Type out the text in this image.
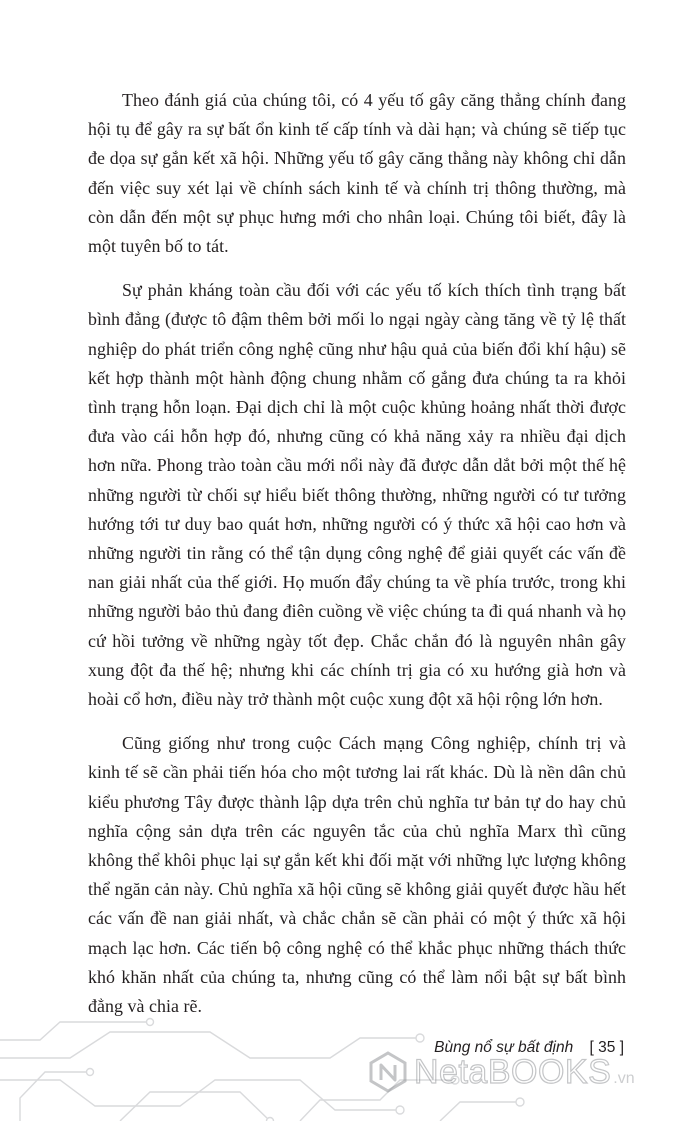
Theo đánh giá của chúng tôi, có 4 yếu tố gây căng thẳng chính đang hội tụ để gây ra sự bất ổn kinh tế cấp tính và dài hạn; và chúng sẽ tiếp tục đe dọa sự gắn kết xã hội. Những yếu tố gây căng thẳng này không chỉ dẫn đến việc suy xét lại về chính sách kinh tế và chính trị thông thường, mà còn dẫn đến một sự phục hưng mới cho nhân loại. Chúng tôi biết, đây là một tuyên bố to tát.

Sự phản kháng toàn cầu đối với các yếu tố kích thích tình trạng bất bình đẳng (được tô đậm thêm bởi mối lo ngại ngày càng tăng về tỷ lệ thất nghiệp do phát triển công nghệ cũng như hậu quả của biến đổi khí hậu) sẽ kết hợp thành một hành động chung nhằm cố gắng đưa chúng ta ra khỏi tình trạng hỗn loạn. Đại dịch chỉ là một cuộc khủng hoảng nhất thời được đưa vào cái hỗn hợp đó, nhưng cũng có khả năng xảy ra nhiều đại dịch hơn nữa. Phong trào toàn cầu mới nổi này đã được dẫn dắt bởi một thế hệ những người từ chối sự hiểu biết thông thường, những người có tư tưởng hướng tới tư duy bao quát hơn, những người có ý thức xã hội cao hơn và những người tin rằng có thể tận dụng công nghệ để giải quyết các vấn đề nan giải nhất của thế giới. Họ muốn đẩy chúng ta về phía trước, trong khi những người bảo thủ đang điên cuồng về việc chúng ta đi quá nhanh và họ cứ hồi tưởng về những ngày tốt đẹp. Chắc chắn đó là nguyên nhân gây xung đột đa thế hệ; nhưng khi các chính trị gia có xu hướng già hơn và hoài cổ hơn, điều này trở thành một cuộc xung đột xã hội rộng lớn hơn.

Cũng giống như trong cuộc Cách mạng Công nghiệp, chính trị và kinh tế sẽ cần phải tiến hóa cho một tương lai rất khác. Dù là nền dân chủ kiểu phương Tây được thành lập dựa trên chủ nghĩa tư bản tự do hay chủ nghĩa cộng sản dựa trên các nguyên tắc của chủ nghĩa Marx thì cũng không thể khôi phục lại sự gắn kết khi đối mặt với những lực lượng không thể ngăn cản này. Chủ nghĩa xã hội cũng sẽ không giải quyết được hầu hết các vấn đề nan giải nhất, và chắc chắn sẽ cần phải có một ý thức xã hội mạch lạc hơn. Các tiến bộ công nghệ có thể khắc phục những thách thức khó khăn nhất của chúng ta, nhưng cũng có thể làm nổi bật sự bất bình đẳng và chia rẽ.

Bùng nổ sự bất định [ 35 ]
NetaBOOKS .vn
